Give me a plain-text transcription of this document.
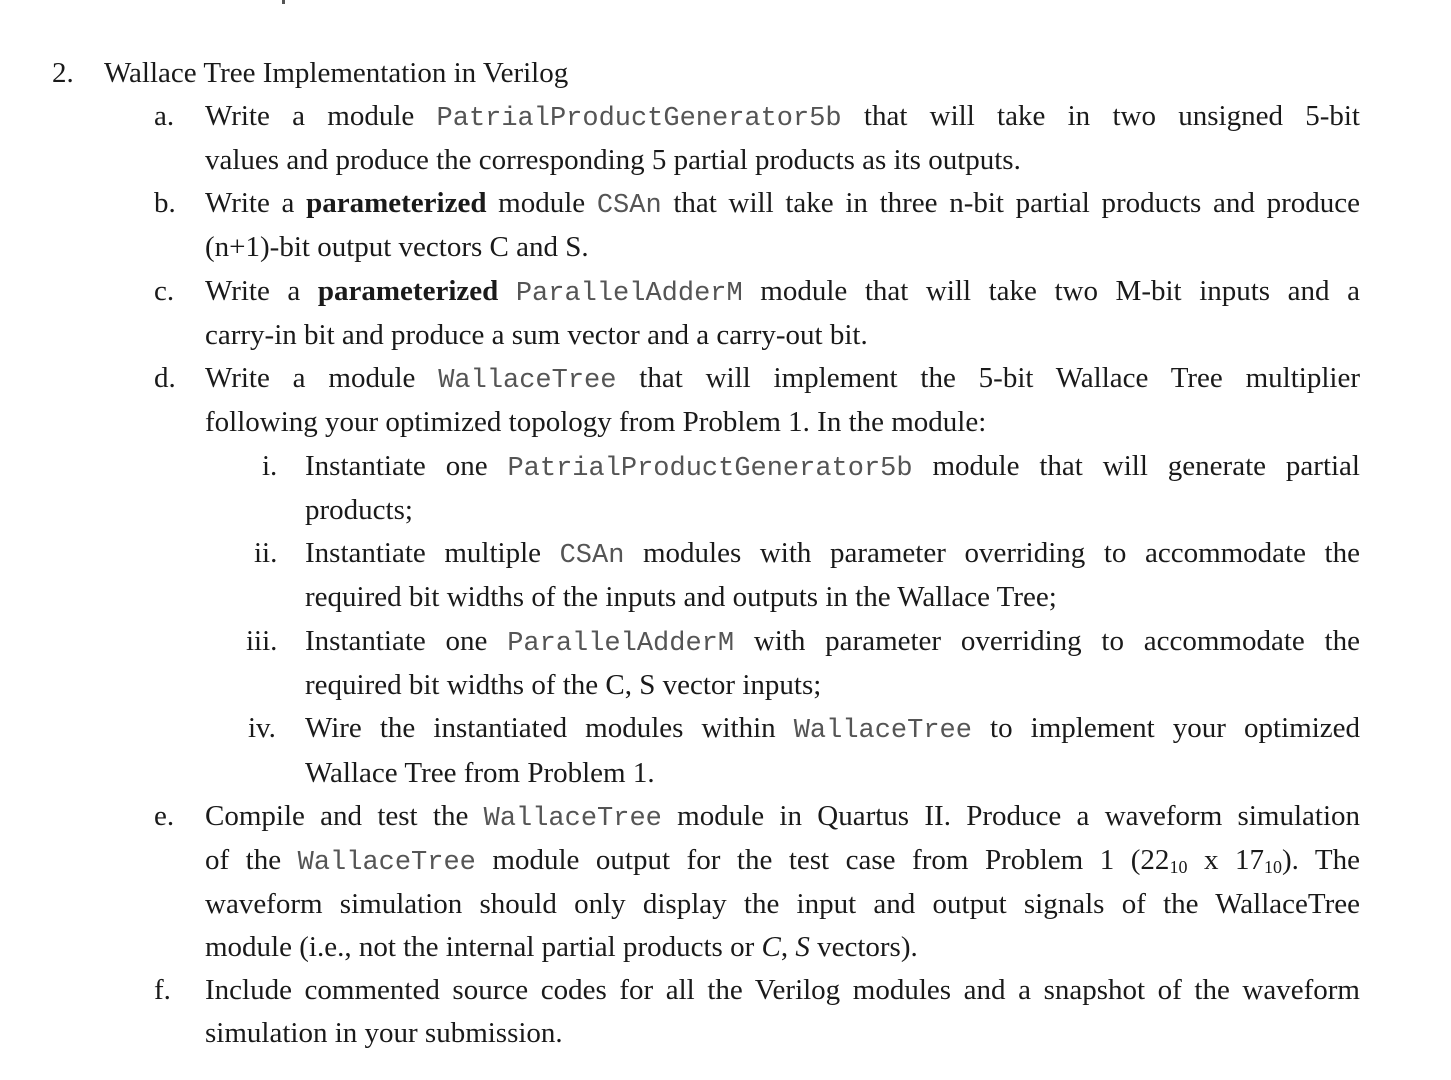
2. Wallace Tree Implementation in Verilog
a. Write a module PatrialProductGenerator5b that will take in two unsigned 5-bit
values and produce the corresponding 5 partial products as its outputs.
b. Write a parameterized module CSAn that will take in three n-bit partial products and produce
(n+1)-bit output vectors C and S.
c. Write a parameterized ParallelAdderM module that will take two M-bit inputs and a
carry-in bit and produce a sum vector and a carry-out bit.
d. Write a module WallaceTree that will implement the 5-bit Wallace Tree multiplier
following your optimized topology from Problem 1. In the module:
i. Instantiate one PatrialProductGenerator5b module that will generate partial
products;
ii. Instantiate multiple CSAn modules with parameter overriding to accommodate the
required bit widths of the inputs and outputs in the Wallace Tree;
iii. Instantiate one ParallelAdderM with parameter overriding to accommodate the
required bit widths of the C, S vector inputs;
iv. Wire the instantiated modules within WallaceTree to implement your optimized
Wallace Tree from Problem 1.
e. Compile and test the WallaceTree module in Quartus II. Produce a waveform simulation
of the WallaceTree module output for the test case from Problem 1 ($22_{10}$ x $17_{10}$). The
waveform simulation should only display the input and output signals of the WallaceTree
module (i.e., not the internal partial products or C, S vectors).
f. Include commented source codes for all the Verilog modules and a snapshot of the waveform
simulation in your submission.
